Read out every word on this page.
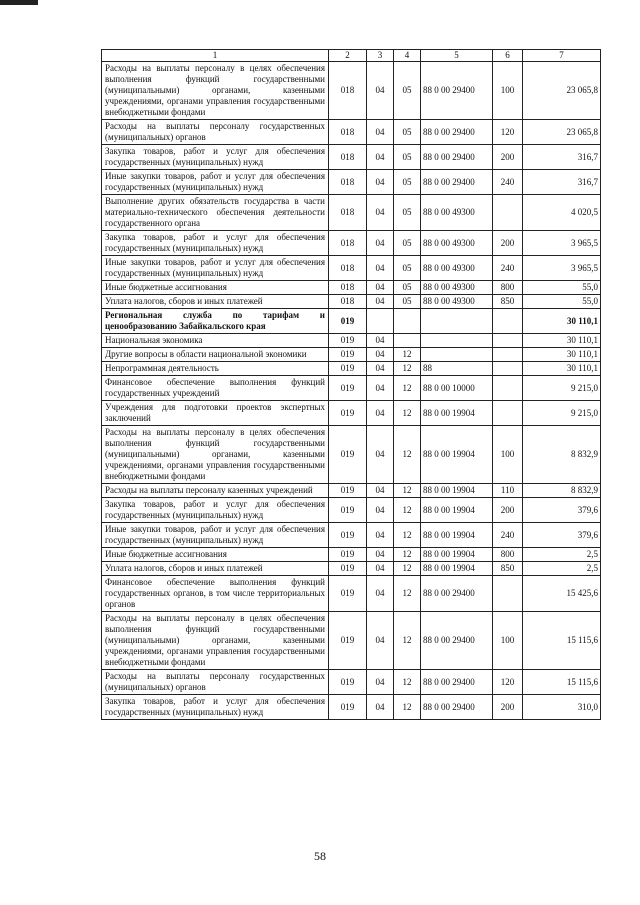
1	2	3	4	5	6	7
Расходы на выплаты персоналу в целях обеспечения выполнения функций государственными (муниципальными) органами, казенными учреждениями, органами управления государственными внебюджетными фондами	018	04	05	88 0 00 29400	100	23 065,8
Расходы на выплаты персоналу государственных (муниципальных) органов	018	04	05	88 0 00 29400	120	23 065,8
Закупка товаров, работ и услуг для обеспечения государственных (муниципальных) нужд	018	04	05	88 0 00 29400	200	316,7
Иные закупки товаров, работ и услуг для обеспечения государственных (муниципальных) нужд	018	04	05	88 0 00 29400	240	316,7
Выполнение других обязательств государства в части материально-технического обеспечения деятельности государственного органа	018	04	05	88 0 00 49300		4 020,5
Закупка товаров, работ и услуг для обеспечения государственных (муниципальных) нужд	018	04	05	88 0 00 49300	200	3 965,5
Иные закупки товаров, работ и услуг для обеспечения государственных (муниципальных) нужд	018	04	05	88 0 00 49300	240	3 965,5
Иные бюджетные ассигнования	018	04	05	88 0 00 49300	800	55,0
Уплата налогов, сборов и иных платежей	018	04	05	88 0 00 49300	850	55,0
Региональная служба по тарифам и ценообразованию Забайкальского края	019					30 110,1
Национальная экономика	019	04				30 110,1
Другие вопросы в области национальной экономики	019	04	12			30 110,1
Непрограммная деятельность	019	04	12	88		30 110,1
Финансовое обеспечение выполнения функций государственных учреждений	019	04	12	88 0 00 10000		9 215,0
Учреждения для подготовки проектов экспертных заключений	019	04	12	88 0 00 19904		9 215,0
Расходы на выплаты персоналу в целях обеспечения выполнения функций государственными (муниципальными) органами, казенными учреждениями, органами управления государственными внебюджетными фондами	019	04	12	88 0 00 19904	100	8 832,9
Расходы на выплаты персоналу казенных учреждений	019	04	12	88 0 00 19904	110	8 832,9
Закупка товаров, работ и услуг для обеспечения государственных (муниципальных) нужд	019	04	12	88 0 00 19904	200	379,6
Иные закупки товаров, работ и услуг для обеспечения государственных (муниципальных) нужд	019	04	12	88 0 00 19904	240	379,6
Иные бюджетные ассигнования	019	04	12	88 0 00 19904	800	2,5
Уплата налогов, сборов и иных платежей	019	04	12	88 0 00 19904	850	2,5
Финансовое обеспечение выполнения функций государственных органов, в том числе территориальных органов	019	04	12	88 0 00 29400		15 425,6
Расходы на выплаты персоналу в целях обеспечения выполнения функций государственными (муниципальными) органами, казенными учреждениями, органами управления государственными внебюджетными фондами	019	04	12	88 0 00 29400	100	15 115,6
Расходы на выплаты персоналу государственных (муниципальных) органов	019	04	12	88 0 00 29400	120	15 115,6
Закупка товаров, работ и услуг для обеспечения государственных (муниципальных) нужд	019	04	12	88 0 00 29400	200	310,0
58
